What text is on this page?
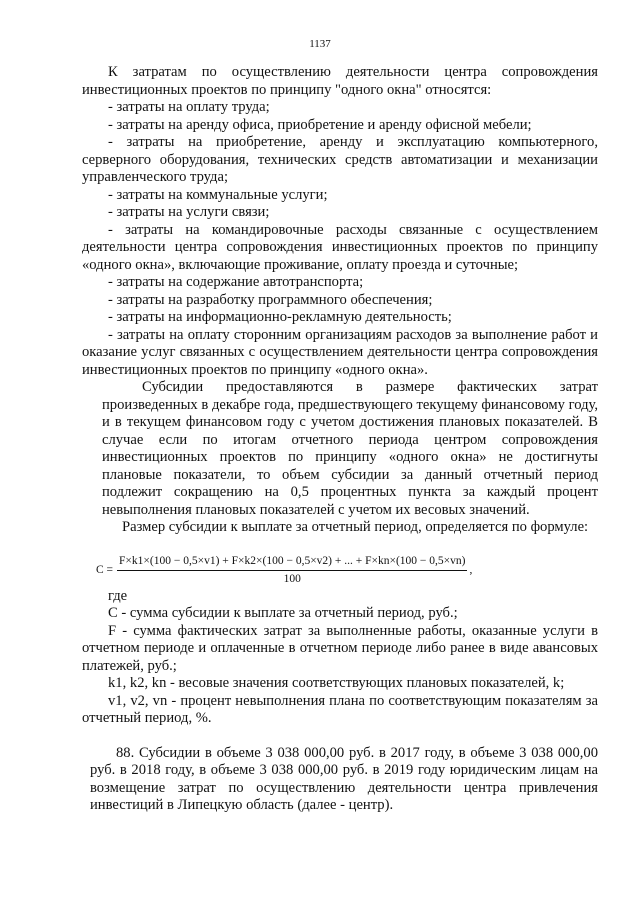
1137

К затратам по осуществлению деятельности центра сопровождения инвестиционных проектов по принципу "одного окна" относятся:

- затраты на оплату труда;

- затраты на аренду офиса, приобретение и аренду офисной мебели;

- затраты на приобретение, аренду и эксплуатацию компьютерного, серверного оборудования, технических средств автоматизации и механизации управленческого труда;

- затраты на коммунальные услуги;

- затраты на услуги связи;

- затраты на командировочные расходы связанные с осуществлением деятельности центра сопровождения инвестиционных проектов по принципу «одного окна», включающие проживание, оплату проезда и суточные;

- затраты на содержание автотранспорта;

- затраты на разработку программного обеспечения;

- затраты на информационно-рекламную деятельность;

- затраты на оплату сторонним организациям расходов за выполнение работ и оказание услуг связанных с осуществлением деятельности центра сопровождения инвестиционных проектов по принципу «одного окна».

Субсидии предоставляются в размере фактических затрат произведенных в декабре года, предшествующего текущему финансовому году, и в текущем финансовом году с учетом достижения плановых показателей. В случае если по итогам отчетного периода центром сопровождения инвестиционных проектов по принципу «одного окна» не достигнуты плановые показатели, то объем субсидии за данный отчетный период подлежит сокращению на 0,5 процентных пункта за каждый процент невыполнения плановых показателей с учетом их весовых значений.

Размер субсидии к выплате за отчетный период, определяется по формуле:

C =
F×k1×(100 − 0,5×v1) + F×k2×(100 − 0,5×v2) + ... + F×kn×(100 − 0,5×vn)
100
,

где

С - сумма субсидии к выплате за отчетный период, руб.;

F - сумма фактических затрат за выполненные работы, оказанные услуги в отчетном периоде и оплаченные в отчетном периоде либо ранее в виде авансовых платежей, руб.;

k1, k2, kn - весовые значения соответствующих плановых показателей, k;

v1, v2, vn - процент невыполнения плана по соответствующим показателям за отчетный период, %.

88. Субсидии в объеме 3 038 000,00 руб. в 2017 году, в объеме 3 038 000,00 руб. в 2018 году, в объеме 3 038 000,00 руб. в 2019 году юридическим лицам на возмещение затрат по осуществлению деятельности центра привлечения инвестиций в Липецкую область (далее - центр).
